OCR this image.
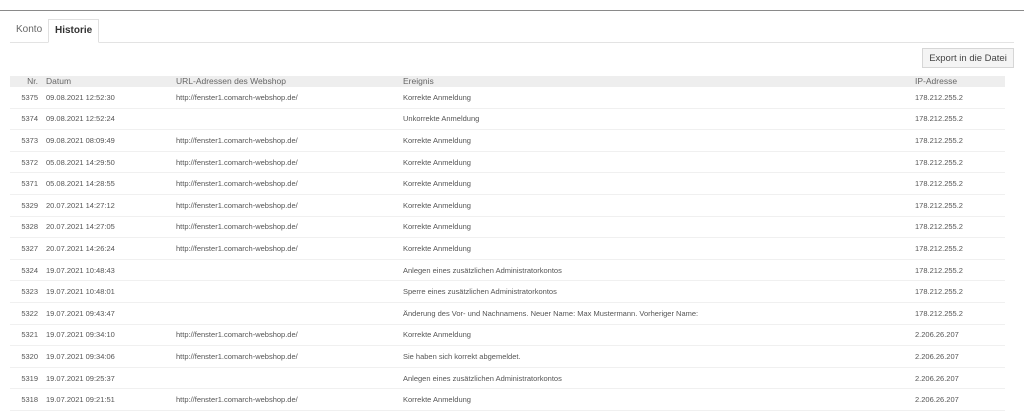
Konto	Historie
Export in die Datei
Nr.	Datum	URL-Adressen des Webshop	Ereignis	IP-Adresse
5375	09.08.2021 12:52:30	http://fenster1.comarch-webshop.de/	Korrekte Anmeldung	178.212.255.2
5374	09.08.2021 12:52:24		Unkorrekte Anmeldung	178.212.255.2
5373	09.08.2021 08:09:49	http://fenster1.comarch-webshop.de/	Korrekte Anmeldung	178.212.255.2
5372	05.08.2021 14:29:50	http://fenster1.comarch-webshop.de/	Korrekte Anmeldung	178.212.255.2
5371	05.08.2021 14:28:55	http://fenster1.comarch-webshop.de/	Korrekte Anmeldung	178.212.255.2
5329	20.07.2021 14:27:12	http://fenster1.comarch-webshop.de/	Korrekte Anmeldung	178.212.255.2
5328	20.07.2021 14:27:05	http://fenster1.comarch-webshop.de/	Korrekte Anmeldung	178.212.255.2
5327	20.07.2021 14:26:24	http://fenster1.comarch-webshop.de/	Korrekte Anmeldung	178.212.255.2
5324	19.07.2021 10:48:43		Anlegen eines zusätzlichen Administratorkontos	178.212.255.2
5323	19.07.2021 10:48:01		Sperre eines zusätzlichen Administratorkontos	178.212.255.2
5322	19.07.2021 09:43:47		Änderung des Vor- und Nachnamens. Neuer Name: Max Mustermann. Vorheriger Name:	178.212.255.2
5321	19.07.2021 09:34:10	http://fenster1.comarch-webshop.de/	Korrekte Anmeldung	2.206.26.207
5320	19.07.2021 09:34:06	http://fenster1.comarch-webshop.de/	Sie haben sich korrekt abgemeldet.	2.206.26.207
5319	19.07.2021 09:25:37		Anlegen eines zusätzlichen Administratorkontos	2.206.26.207
5318	19.07.2021 09:21:51	http://fenster1.comarch-webshop.de/	Korrekte Anmeldung	2.206.26.207
